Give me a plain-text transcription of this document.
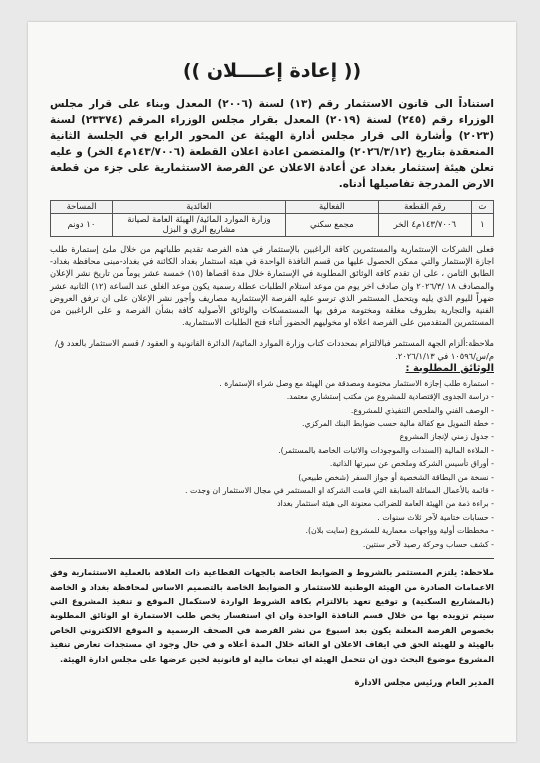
(( إعادة إعــــلان ))

استناداً الى قانون الاستثمار رقم (١٣) لسنة (٢٠٠٦) المعدل وبناء على قرار مجلس الوزراء رقم (٢٤٥) لسنة (٢٠١٩) المعدل بقرار مجلس الوزراء المرقم (٢٣٣٧٤) لسنة (٢٠٢٣) وأشارة الى قرار مجلس أدارة الهيئة عن المحور الرابع في الجلسة الثانية المنعقدة بتاريخ (٢٠٢٦/٣/١٢) والمتضمن اعادة اعلان القطعة (١٤٣/٧٠٠٦م٤ الخر) و عليه تعلن هيئة إستثمار بغداد عن أعادة الاعلان عن الفرصة الاستثمارية على جزء من قطعة الارض المدرجة تفاصيلها أدناه.

ت	رقم القطعة	الفعالية	العائدية	المساحة
١	١٤٣/٧٠٠٦م٤ الخر	مجمع سكني	وزارة الموارد المائية/ الهيئة العامة لصيانة مشاريع الري و البزل	١٠ دونم
فعلى الشركات الإستثمارية والمستثمرين كافة الراغبين بالإستثمار في هذه الفرصة تقديم طلباتهم من خلال ملئ إستمارة طلب اجازة الإستثمار والتي ممكن الحصول عليها من قسم النافذة الواحدة في هيئة استثمار بغداد الكائنة في بغداد-مبنى محافظة بغداد-الطابق الثامن ، على ان تقدم كافة الوثائق المطلوبة في الإستمارة خلال مدة اقصاها (١٥) خمسة عشر يوماً من تاريخ نشر الإعلان والمصادف ١٨ /٢٠٢٦/٣ وان صادف اخر يوم من موعد استلام الطلبات عطلة رسمية يكون موعد الغلق عند الساعة (١٢) الثانية عشر ضهراً لليوم الذي يليه ويتحمل المستثمر الذي ترسو عليه الفرصة الإستثمارية مصاريف وأجور نشر الإعلان على ان ترفق العروض الفنية والتجارية بظروف مغلقة ومختومة مرفق بها المستمسكات والوثائق الأصولية كافة بشأن الفرصة و على الراغبين من المستثمرين المتقدمين على الفرصة اعلاه او مخوليهم الحضور أثناء فتح الطلبات الاستثمارية.
ملاحظة:ألزام الجهة المستثمر فبالالتزام بمحددات كتاب وزارة الموارد المائية/ الدائرة القانونية و العقود / قسم الاستثمار بالعدد ق/م/س/١٠٥٩٦ في ٢٠٢٦/١/١٣.
الوثائق المطلوبة :
- استمارة طلب إجازة الاستثمار مختومة ومصدقة من الهيئة مع وصل شراء الإستمارة .
- دراسة الجدوى الإقتصادية للمشروع من مكتب إستشاري معتمد.
- الوصف الفني والملخص التنفيذي للمشروع.
- خطة التمويل مع كفالة مالية حسب ضوابط البنك المركزي.
- جدول زمني لإنجاز المشروع
- الملاءة المالية (السندات والموجودات والاثبات الخاصة بالمستثمر).
- أوراق تأسيس الشركة وملخص عن سيرتها الذاتية.
- نسخة من البطاقة الشخصية أو جواز السفر (شخص طبيعي)
- قائمة بالأعمال المماثلة السابقة التي قامت الشركة او المستثمر في مجال الاستثمار ان وجدت .
- براءة ذمة من الهيئة العامة للضرائب معنونة الى هيئة استثمار بغداد
- حسابات ختامية لآخر ثلاث سنوات .
- مخططات أولية وواجهات معمارية للمشروع (سايت بلان).
- كشف حساب وحركة رصيد لآخر سنتين.
ملاحظة: يلتزم المستثمر بالشروط و الضوابط الخاصة بالجهات القطاعية ذات العلاقة بالعملية الاستثمارية وفق الاعمامات الصادرة من الهيئة الوطنية للاستثمار و الضوابط الخاصة بالتصميم الاساس لمحافظة بغداد و الخاصة (بالمشاريع السكنية) و توقيع تعهد بالالتزام بكافة الشروط الواردة لاستكمال الموقع و تنفيذ المشروع التي سيتم تزويده بها من خلال قسم النافذة الواحدة وان اي استفسار يخص طلب الاستمارة او الوثائق المطلوبة بخصوص الفرصة المعلنة يكون بعد اسبوع من نشر الفرصة في الصحف الرسمية و الموقع الالكتروني الخاص بالهيئة و للهيئة الحق في ايقاف الاعلان او الغائه خلال المدة أعلاه و في حال وجود اي مستجدات تعارض تنفيذ المشروع موضوع البحث دون ان تتحمل الهيئة اي تبعات مالية او قانونية لحين عرضها على مجلس ادارة الهيئة.
المدير العام ورئيس مجلس الادارة
